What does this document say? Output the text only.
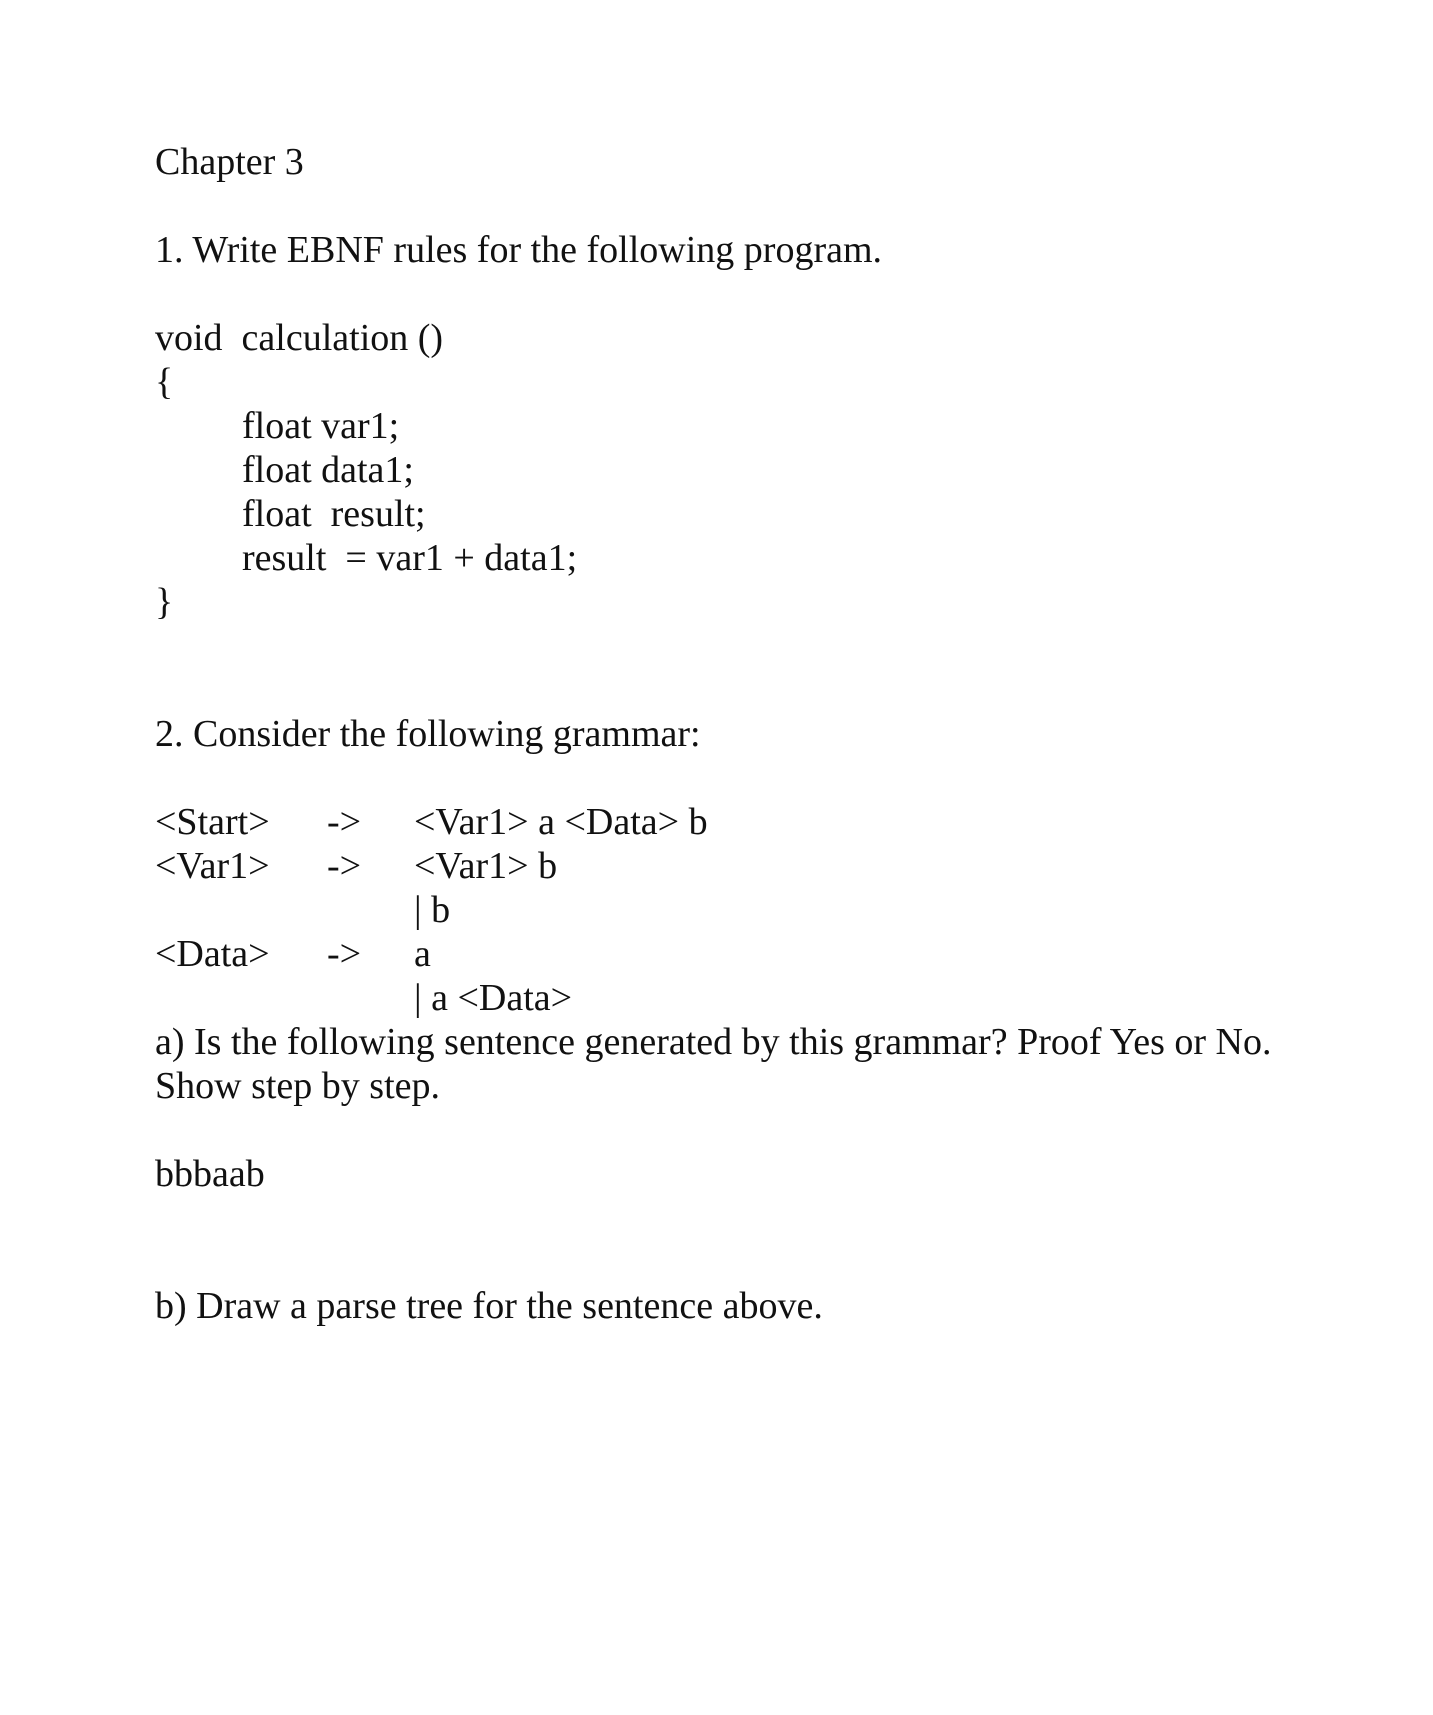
Chapter 3
1. Write EBNF rules for the following program.
void  calculation ()
{
float var1;
float data1;
float  result;
result  = var1 + data1;
}
2. Consider the following grammar:
<Start> -> <Var1> a <Data> b
<Var1> -> <Var1> b
| b
<Data> -> a
| a <Data>
a) Is the following sentence generated by this grammar? Proof Yes or No. Show step by step.
bbbaab
b) Draw a parse tree for the sentence above.
